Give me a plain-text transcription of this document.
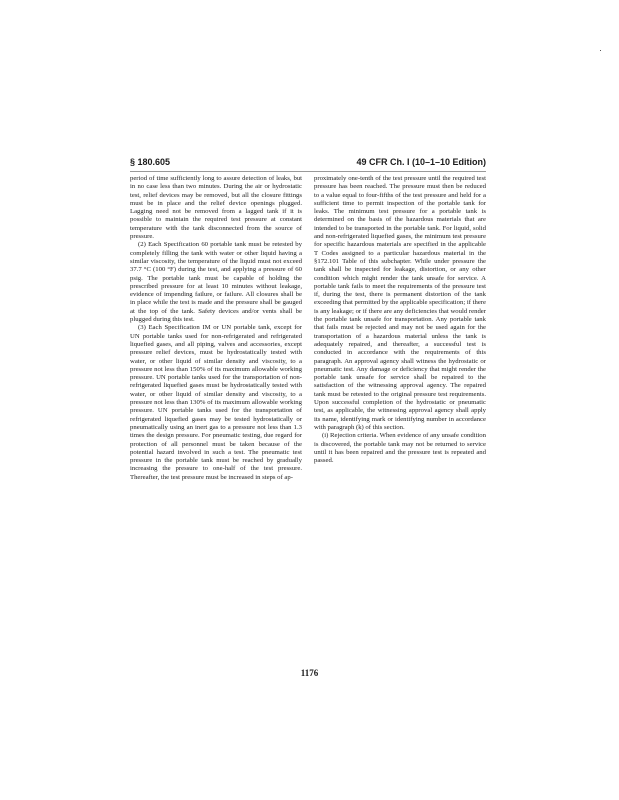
§ 180.605	49 CFR Ch. I (10–1–10 Edition)

period of time sufficiently long to assure detection of leaks, but in no case less than two minutes. During the air or hydrostatic test, relief devices may be removed, but all the closure fittings must be in place and the relief device openings plugged. Lagging need not be removed from a lagged tank if it is possible to maintain the required test pressure at constant temperature with the tank disconnected from the source of pressure.

(2) Each Specification 60 portable tank must be retested by completely filling the tank with water or other liquid having a similar viscosity, the temperature of the liquid must not exceed 37.7 °C (100 °F) during the test, and applying a pressure of 60 psig. The portable tank must be capable of holding the prescribed pressure for at least 10 minutes without leakage, evidence of impending failure, or failure. All closures shall be in place while the test is made and the pressure shall be gauged at the top of the tank. Safety devices and/or vents shall be plugged during this test.

(3) Each Specification IM or UN portable tank, except for UN portable tanks used for non-refrigerated and refrigerated liquefied gases, and all piping, valves and accessories, except pressure relief devices, must be hydrostatically tested with water, or other liquid of similar density and viscosity, to a pressure not less than 150% of its maximum allowable working pressure. UN portable tanks used for the transportation of non-refrigerated liquefied gases must be hydrostatically tested with water, or other liquid of similar density and viscosity, to a pressure not less than 130% of its maximum allowable working pressure. UN portable tanks used for the transportation of refrigerated liquefied gases may be tested hydrostatically or pneumatically using an inert gas to a pressure not less than 1.3 times the design pressure. For pneumatic testing, due regard for protection of all personnel must be taken because of the potential hazard involved in such a test. The pneumatic test pressure in the portable tank must be reached by gradually increasing the pressure to one-half of the test pressure. Thereafter, the test pressure must be increased in steps of ap-

proximately one-tenth of the test pressure until the required test pressure has been reached. The pressure must then be reduced to a value equal to four-fifths of the test pressure and held for a sufficient time to permit inspection of the portable tank for leaks. The minimum test pressure for a portable tank is determined on the basis of the hazardous materials that are intended to be transported in the portable tank. For liquid, solid and non-refrigerated liquefied gases, the minimum test pressure for specific hazardous materials are specified in the applicable T Codes assigned to a particular hazardous material in the §172.101 Table of this subchapter. While under pressure the tank shall be inspected for leakage, distortion, or any other condition which might render the tank unsafe for service. A portable tank fails to meet the requirements of the pressure test if, during the test, there is permanent distortion of the tank exceeding that permitted by the applicable specification; if there is any leakage; or if there are any deficiencies that would render the portable tank unsafe for transportation. Any portable tank that fails must be rejected and may not be used again for the transportation of a hazardous material unless the tank is adequately repaired, and thereafter, a successful test is conducted in accordance with the requirements of this paragraph. An approval agency shall witness the hydrostatic or pneumatic test. Any damage or deficiency that might render the portable tank unsafe for service shall be repaired to the satisfaction of the witnessing approval agency. The repaired tank must be retested to the original pressure test requirements. Upon successful completion of the hydrostatic or pneumatic test, as applicable, the witnessing approval agency shall apply its name, identifying mark or identifying number in accordance with paragraph (k) of this section.

(i) Rejection criteria. When evidence of any unsafe condition is discovered, the portable tank may not be returned to service until it has been repaired and the pressure test is repeated and passed.

1176
